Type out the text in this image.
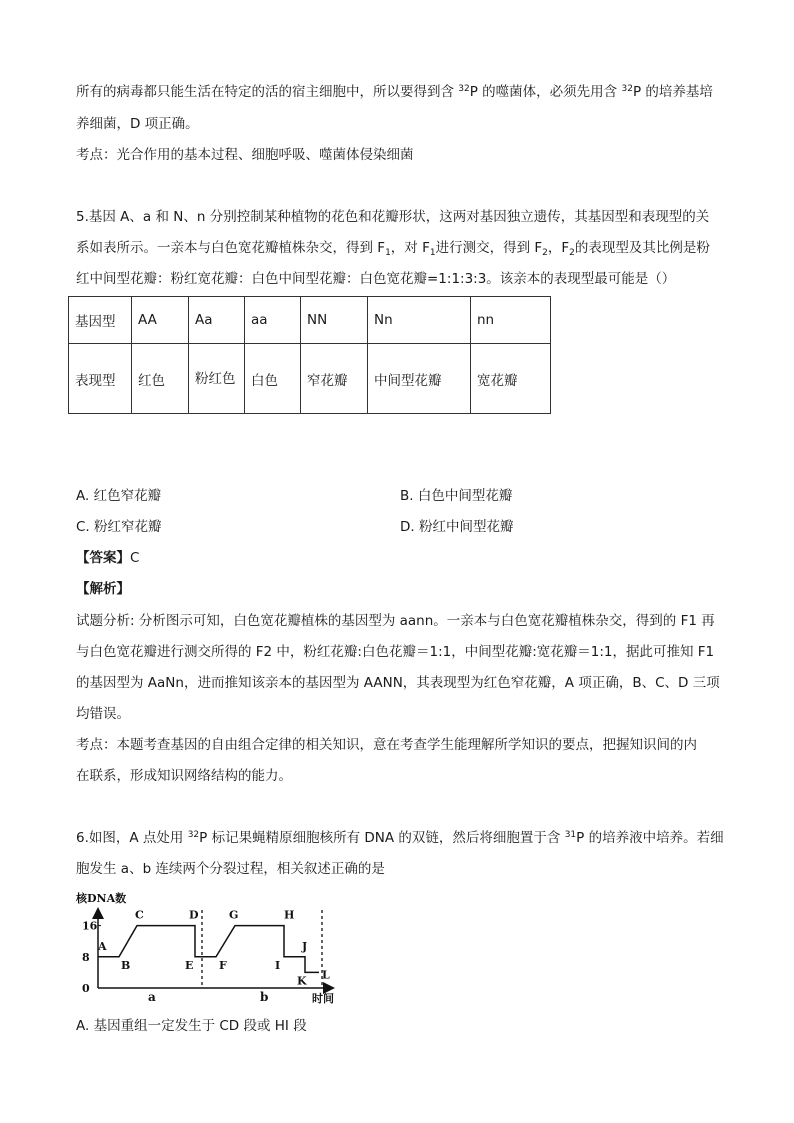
所有的病毒都只能生活在特定的活的宿主细胞中，所以要得到含 $^{32}$P 的噬菌体，必须先用含 $^{32}$P 的培养基培
养细菌，D 项正确。
考点：光合作用的基本过程、细胞呼吸、噬菌体侵染细菌
5.基因 A、a 和 N、n 分别控制某种植物的花色和花瓣形状，这两对基因独立遗传，其基因型和表现型的关
系如表所示。一亲本与白色宽花瓣植株杂交，得到 $F_1$，对 $F_1$进行测交，得到 $F_2$，$F_2$的表现型及其比例是粉
红中间型花瓣：粉红宽花瓣：白色中间型花瓣：白色宽花瓣=1:1:3:3。该亲本的表现型最可能是（）
基因型	AA	Aa	aa	NN	Nn	nn
表现型	红色	粉红色	白色	窄花瓣	中间型花瓣	宽花瓣
A. 红色窄花瓣	B. 白色中间型花瓣
C. 粉红窄花瓣	D. 粉红中间型花瓣
【答案】C
【解析】
试题分析: 分析图示可知，白色宽花瓣植株的基因型为 aann。一亲本与白色宽花瓣植株杂交，得到的 F1 再
与白色宽花瓣进行测交所得的 F2 中，粉红花瓣:白色花瓣＝1:1，中间型花瓣:宽花瓣＝1:1，据此可推知 F1
的基因型为 AaNn，进而推知该亲本的基因型为 AANN，其表现型为红色窄花瓣，A 项正确，B、C、D 三项
均错误。
考点：本题考查基因的自由组合定律的相关知识，意在考查学生能理解所学知识的要点，把握知识间的内
在联系，形成知识网络结构的能力。
6.如图，A 点处用 $^{32}$P 标记果蝇精原细胞核所有 DNA 的双链，然后将细胞置于含 $^{31}$P 的培养液中培养。若细
胞发生 a、b 连续两个分裂过程，相关叙述正确的是
核DNA数
时间
0
8
16
A
B
C	D
E F
G	H
I
J
K L
a	b
A. 基因重组一定发生于 CD 段或 HI 段
